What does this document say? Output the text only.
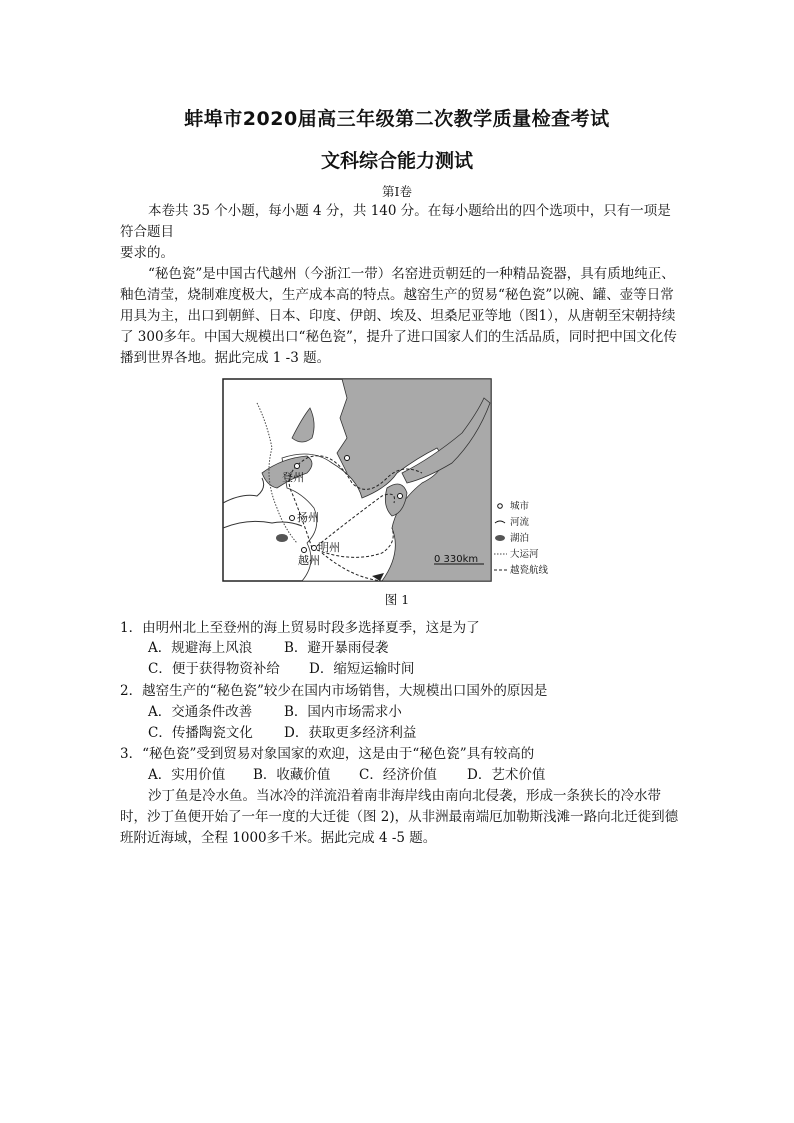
蚌埠市2020届高三年级第二次教学质量检查考试
文科综合能力测试
第Ⅰ卷
本卷共 35 个小题，每小题 4 分，共 140 分。在每小题给出的四个选项中，只有一项是符合题目
要求的。

“秘色瓷”是中国古代越州（今浙江一带）名窑进贡朝廷的一种精品瓷器，具有质地纯正、釉色清莹，烧制难度极大，生产成本高的特点。越窑生产的贸易“秘色瓷”以碗、罐、壶等日常用具为主，出口到朝鲜、日本、印度、伊朗、埃及、坦桑尼亚等地（图1），从唐朝至宋朝持续了 300多年。中国大规模出口“秘色瓷”，提升了进口国家人们的生活品质，同时把中国文化传播到世界各地。据此完成 1 -3 题。

登州
扬州
明州
越州	0 330km
城市
河流
湖泊
大运河
越瓷航线
图 1
1．由明州北上至登州的海上贸易时段多选择夏季，这是为了
A．规避海上风浪 B．避开暴雨侵袭
C．便于获得物资补给 D．缩短运输时间
2．越窑生产的“秘色瓷”较少在国内市场销售，大规模出口国外的原因是
A．交通条件改善 B．国内市场需求小
C．传播陶瓷文化 D．获取更多经济利益
3．“秘色瓷”受到贸易对象国家的欢迎，这是由于“秘色瓷”具有较高的
A．实用价值 B．收藏价值 C．经济价值 D．艺术价值

沙丁鱼是冷水鱼。当冰冷的洋流沿着南非海岸线由南向北侵袭，形成一条狭长的冷水带时，沙丁鱼便开始了一年一度的大迁徙（图 2)，从非洲最南端厄加勒斯浅滩一路向北迁徙到德班附近海域，全程 1000多千米。据此完成 4 -5 题。
